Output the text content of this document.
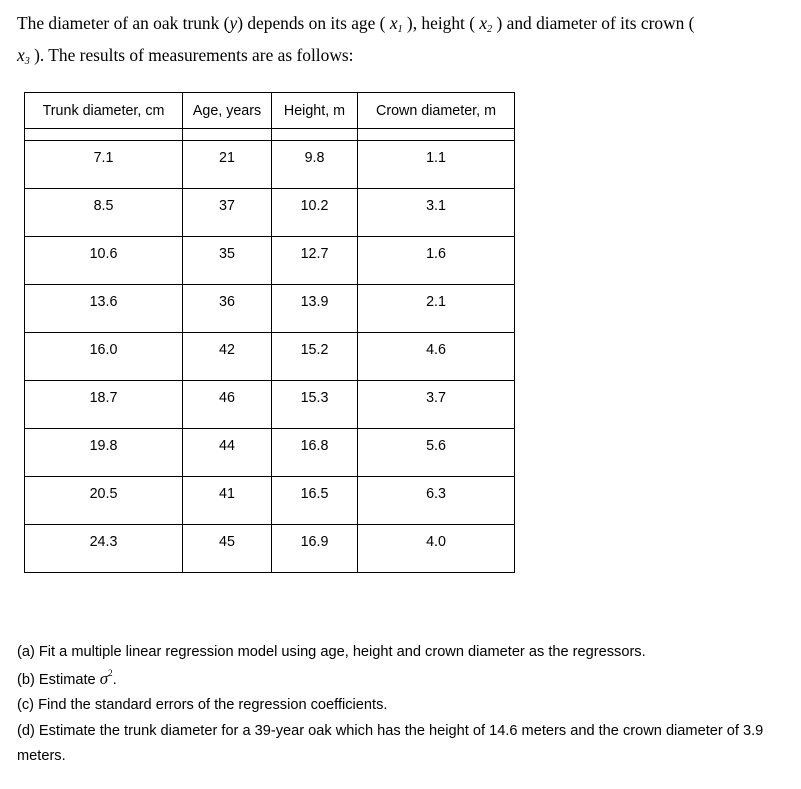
The diameter of an oak trunk (y) depends on its age ( $x_1$ ), height ( $x_2$ ) and diameter of its crown (
$x_3$ ). The results of measurements are as follows:
Trunk diameter, cm	Age, years	Height, m	Crown diameter, m

7.1	21	9.8	1.1
8.5	37	10.2	3.1
10.6	35	12.7	1.6
13.6	36	13.9	2.1
16.0	42	15.2	4.6
18.7	46	15.3	3.7
19.8	44	16.8	5.6
20.5	41	16.5	6.3
24.3	45	16.9	4.0

(a) Fit a multiple linear regression model using age, height and crown diameter as the regressors.

(b) Estimate $\sigma^2$.

(c) Find the standard errors of the regression coefficients.

(d) Estimate the trunk diameter for a 39-year oak which has the height of 14.6 meters and the crown diameter of 3.9 meters.
